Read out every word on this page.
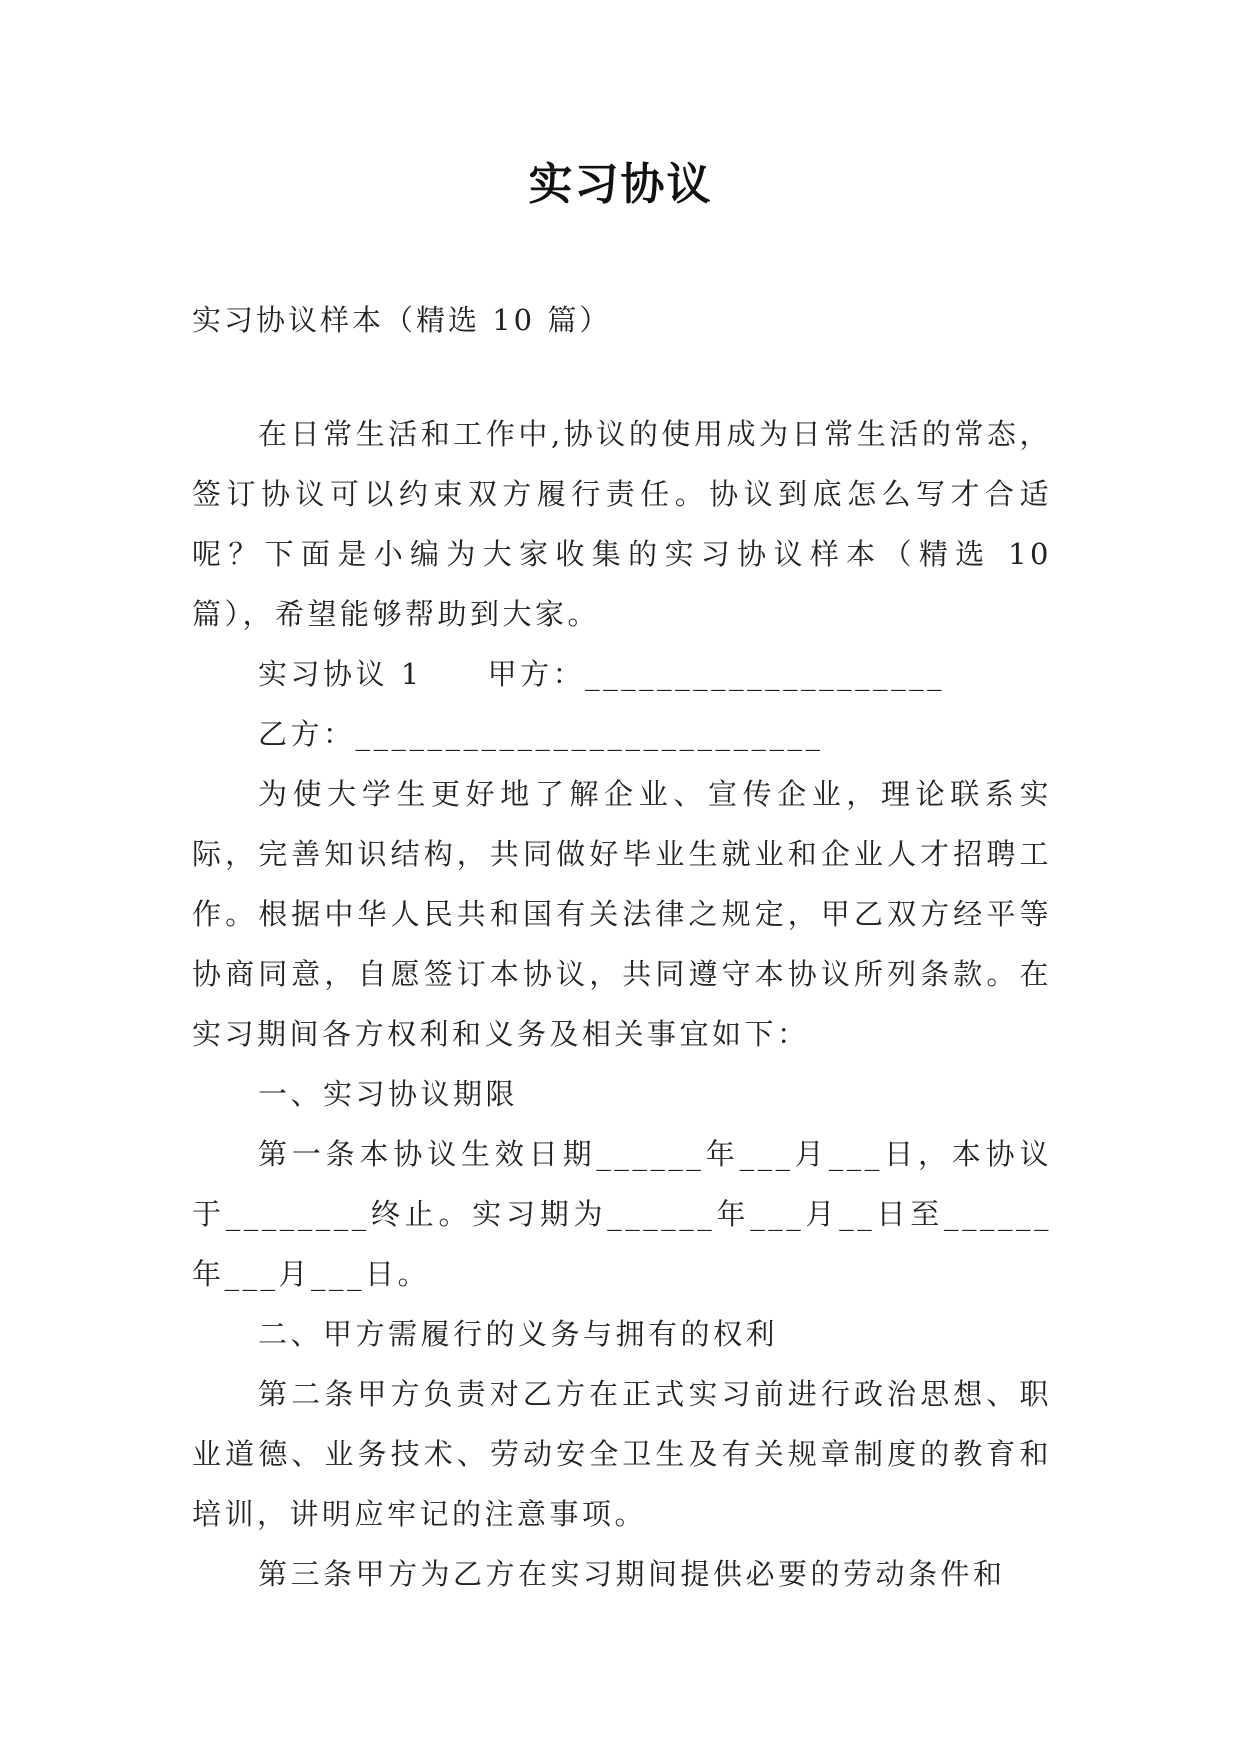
实习协议
实习协议样本（精选 10 篇）

在日常生活和工作中,协议的使用成为日常生活的常态，签订协议可以约束双方履行责任。协议到底怎么写才合适呢？下面是小编为大家收集的实习协议样本（精选 10 篇），希望能够帮助到大家。

实习协议 1　　甲方：____________________

乙方：__________________________

为使大学生更好地了解企业、宣传企业，理论联系实际，完善知识结构，共同做好毕业生就业和企业人才招聘工作。根据中华人民共和国有关法律之规定，甲乙双方经平等协商同意，自愿签订本协议，共同遵守本协议所列条款。在实习期间各方权利和义务及相关事宜如下：

一、实习协议期限

第一条本协议生效日期______年___月___日，本协议于________终止。实习期为______年___月__日至______年___月___日。

二、甲方需履行的义务与拥有的权利

第二条甲方负责对乙方在正式实习前进行政治思想、职业道德、业务技术、劳动安全卫生及有关规章制度的教育和培训，讲明应牢记的注意事项。

第三条甲方为乙方在实习期间提供必要的劳动条件和
